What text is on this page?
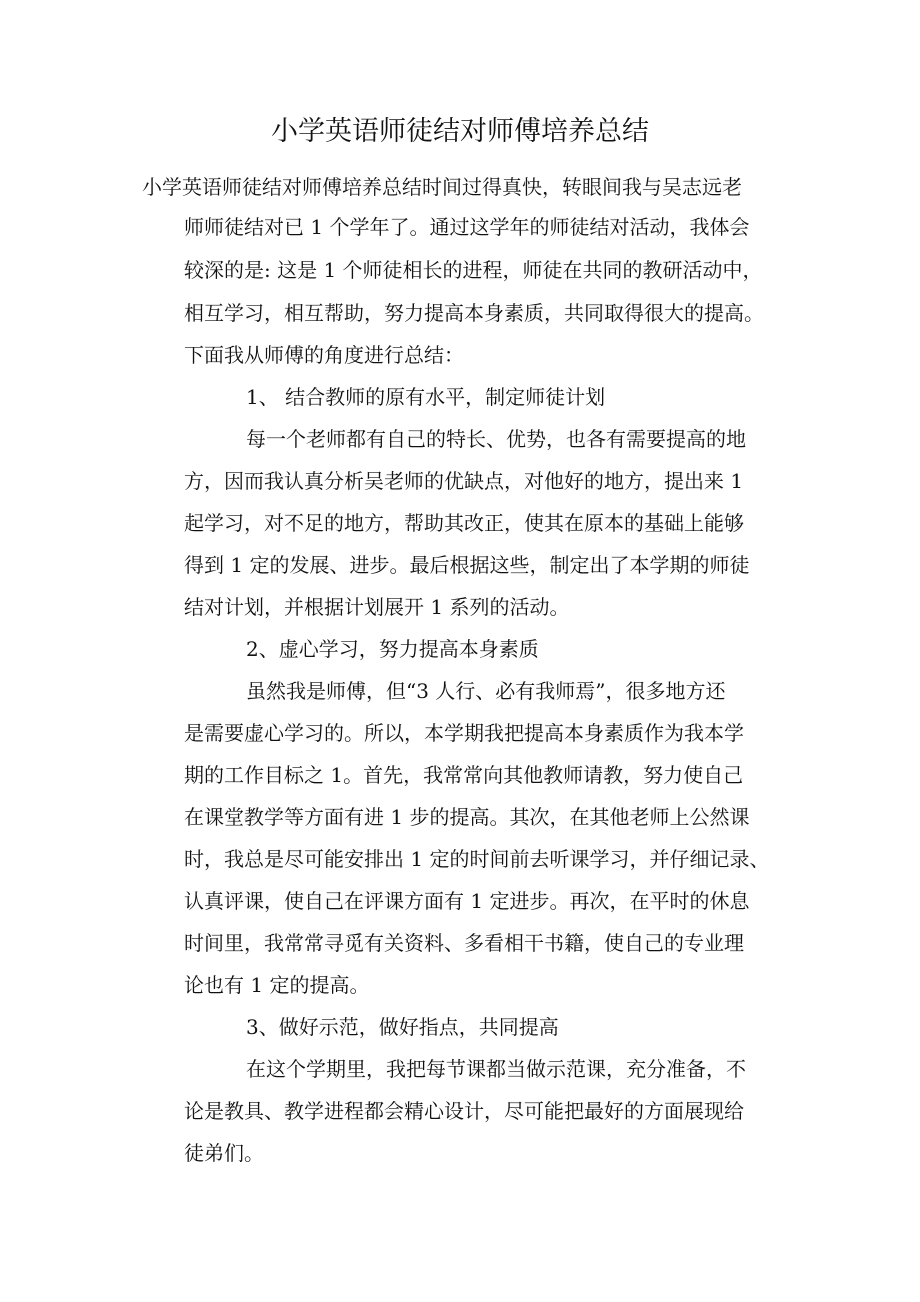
小学英语师徒结对师傅培养总结

小学英语师徒结对师傅培养总结时间过得真快，转眼间我与吴志远老

师师徒结对已 1 个学年了。通过这学年的师徒结对活动，我体会

较深的是: 这是 1 个师徒相长的进程，师徒在共同的教研活动中，

相互学习，相互帮助，努力提高本身素质，共同取得很大的提高。

下面我从师傅的角度进行总结：

1、 结合教师的原有水平，制定师徒计划

每一个老师都有自己的特长、优势，也各有需要提高的地

方，因而我认真分析吴老师的优缺点，对他好的地方，提出来 1

起学习，对不足的地方，帮助其改正，使其在原本的基础上能够

得到 1 定的发展、进步。最后根据这些，制定出了本学期的师徒

结对计划，并根据计划展开 1 系列的活动。

2、虚心学习，努力提高本身素质

虽然我是师傅，但“3 人行、必有我师焉”，很多地方还

是需要虚心学习的。所以，本学期我把提高本身素质作为我本学

期的工作目标之 1。首先，我常常向其他教师请教，努力使自己

在课堂教学等方面有进 1 步的提高。其次，在其他老师上公然课

时，我总是尽可能安排出 1 定的时间前去听课学习，并仔细记录、

认真评课，使自己在评课方面有 1 定进步。再次，在平时的休息

时间里，我常常寻觅有关资料、多看相干书籍，使自己的专业理

论也有 1 定的提高。

3、做好示范，做好指点，共同提高

在这个学期里，我把每节课都当做示范课，充分准备，不

论是教具、教学进程都会精心设计，尽可能把最好的方面展现给

徒弟们。
